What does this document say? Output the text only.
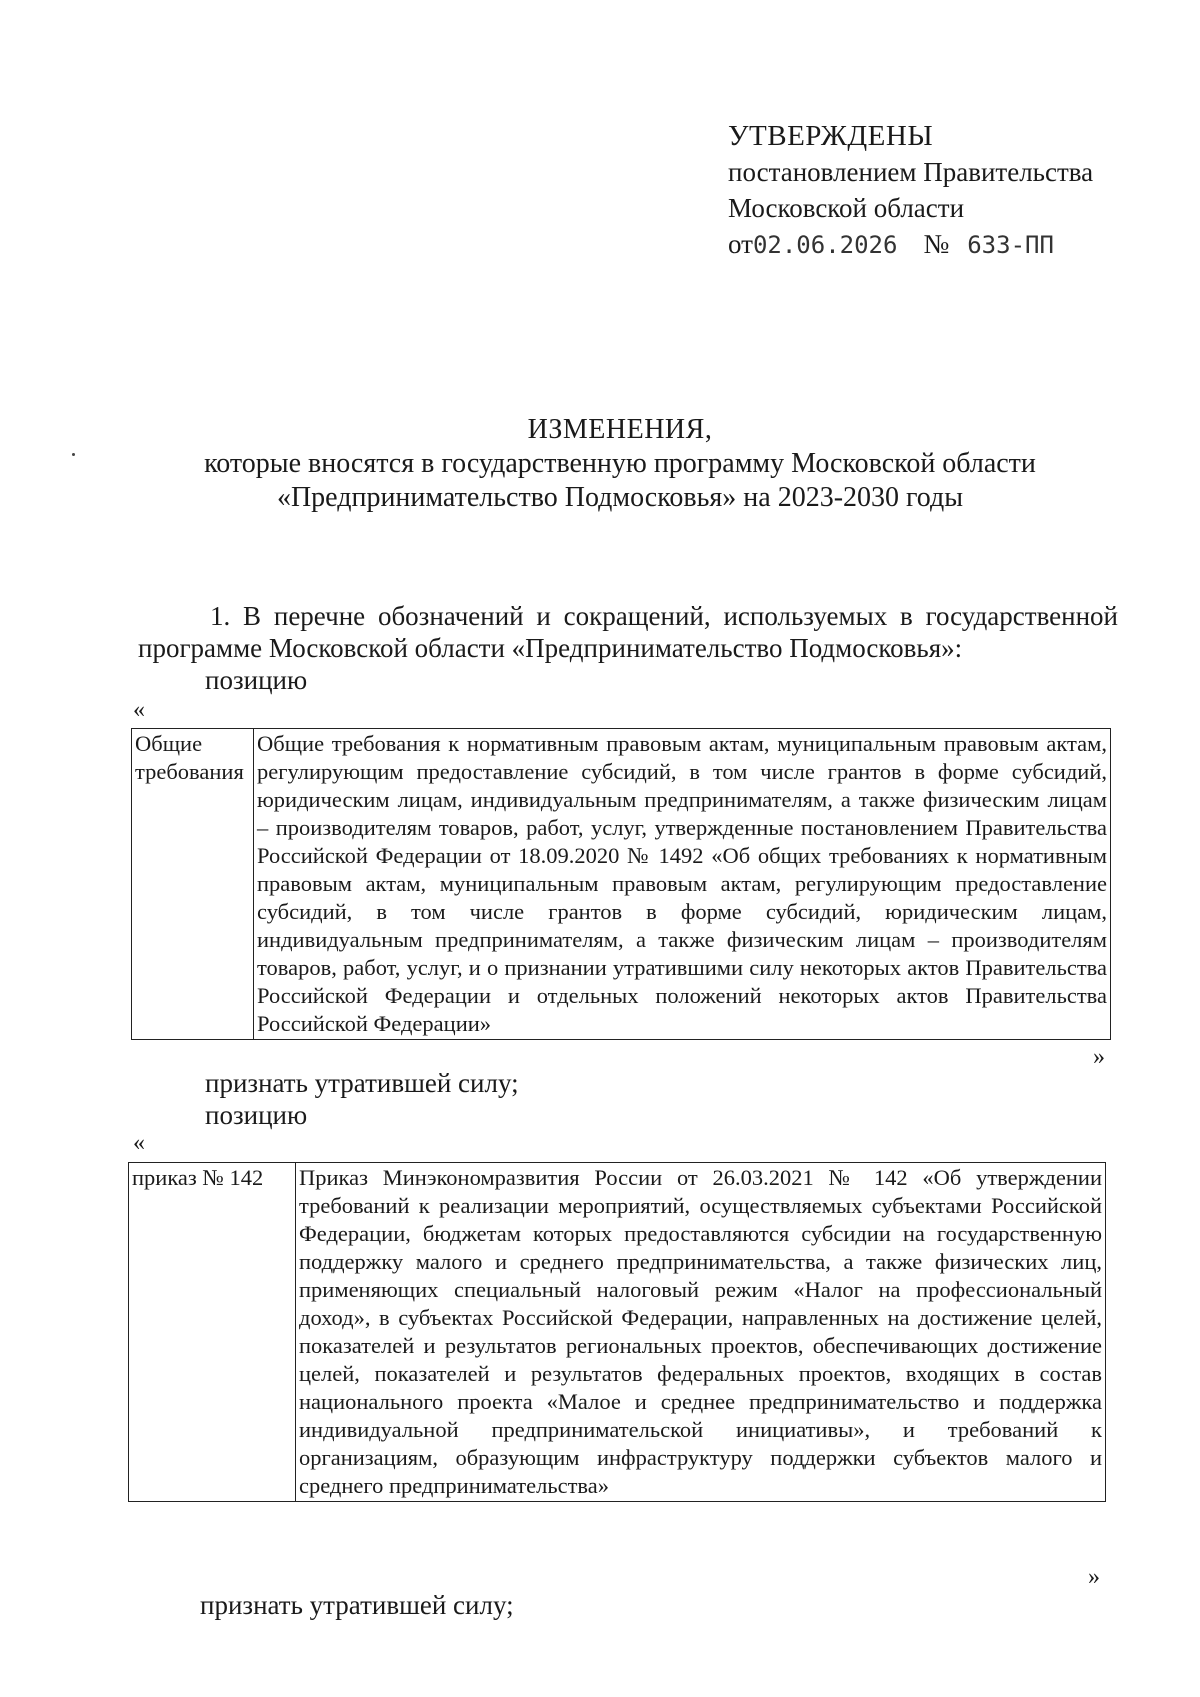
УТВЕРЖДЕНЫ
постановлением Правительства
Московской области
от 02.06.2026 № 633-ПП
ИЗМЕНЕНИЯ,
которые вносятся в государственную программу Московской области
«Предпринимательство Подмосковья» на 2023-2030 годы
1. В перечне обозначений и сокращений, используемых в государственной программе Московской области «Предпринимательство Подмосковья»:
позицию
«
Общие требования	Общие требования к нормативным правовым актам, муниципальным правовым актам, регулирующим предоставление субсидий, в том числе грантов в форме субсидий, юридическим лицам, индивидуальным предпринимателям, а также физическим лицам – производителям товаров, работ, услуг, утвержденные постановлением Правительства Российской Федерации от 18.09.2020 № 1492 «Об общих требованиях к нормативным правовым актам, муниципальным правовым актам, регулирующим предоставление субсидий, в том числе грантов в форме субсидий, юридическим лицам, индивидуальным предпринимателям, а также физическим лицам – производителям товаров, работ, услуг, и о признании утратившими силу некоторых актов Правительства Российской Федерации и отдельных положений некоторых актов Правительства Российской Федерации»
»
признать утратившей силу;
позицию
«
приказ № 142	Приказ Минэкономразвития России от 26.03.2021 № 142 «Об утверждении требований к реализации мероприятий, осуществляемых субъектами Российской Федерации, бюджетам которых предоставляются субсидии на государственную поддержку малого и среднего предпринимательства, а также физических лиц, применяющих специальный налоговый режим «Налог на профессиональный доход», в субъектах Российской Федерации, направленных на достижение целей, показателей и результатов региональных проектов, обеспечивающих достижение целей, показателей и результатов федеральных проектов, входящих в состав национального проекта «Малое и среднее предпринимательство и поддержка индивидуальной предпринимательской инициативы», и требований к организациям, образующим инфраструктуру поддержки субъектов малого и среднего предпринимательства»
»
признать утратившей силу;
